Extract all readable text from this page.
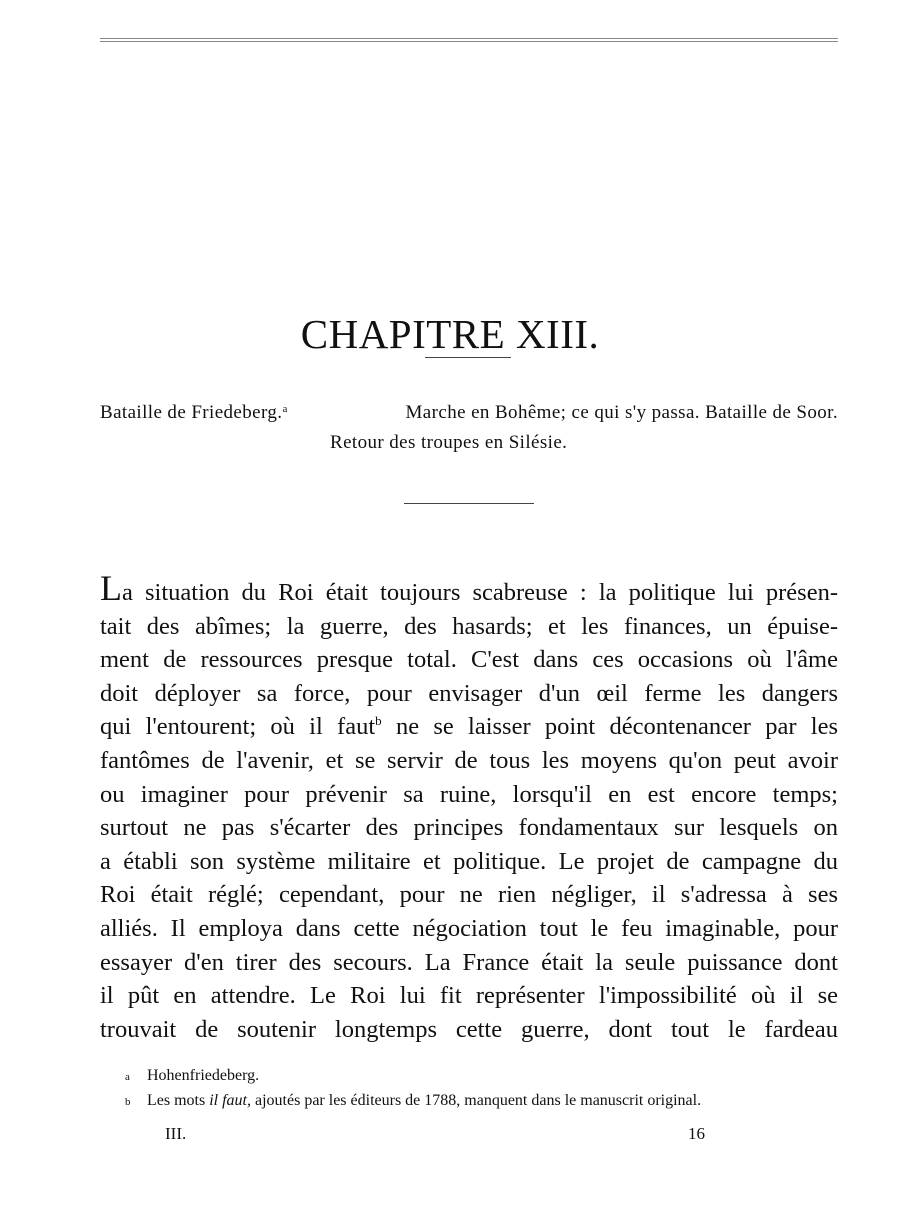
CHAPITRE XIII.
Bataille de Friedeberg.$^a$	Marche en Bohême; ce qui s'y passa. Bataille de Soor.
Retour des troupes en Silésie.
La situation du Roi était toujours scabreuse : la politique lui présen-
tait des abîmes; la guerre, des hasards; et les finances, un épuise-
ment de ressources presque total. C'est dans ces occasions où l'âme
doit déployer sa force, pour envisager d'un œil ferme les dangers
qui l'entourent; où il faut$^b$ ne se laisser point décontenancer par les
fantômes de l'avenir, et se servir de tous les moyens qu'on peut avoir
ou imaginer pour prévenir sa ruine, lorsqu'il en est encore temps;
surtout ne pas s'écarter des principes fondamentaux sur lesquels on
a établi son système militaire et politique. Le projet de campagne du
Roi était réglé; cependant, pour ne rien négliger, il s'adressa à ses
alliés. Il employa dans cette négociation tout le feu imaginable, pour
essayer d'en tirer des secours. La France était la seule puissance dont
il pût en attendre. Le Roi lui fit représenter l'impossibilité où il se
trouvait de soutenir longtemps cette guerre, dont tout le fardeau
a	Hohenfriedeberg.
b	Les mots il faut, ajoutés par les éditeurs de 1788, manquent dans le manuscrit original.
III.	16
